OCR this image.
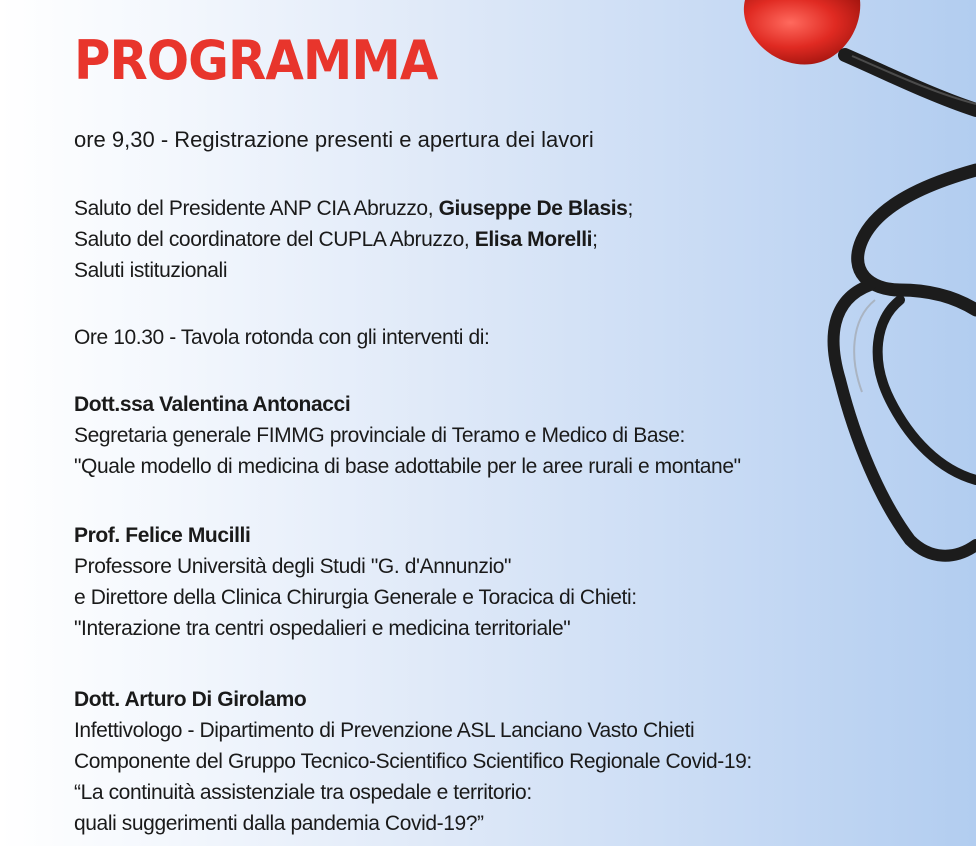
PROGRAMMA

ore 9,30 - Registrazione presenti e apertura dei lavori

Saluto del Presidente ANP CIA Abruzzo, Giuseppe De Blasis;

Saluto del coordinatore del CUPLA Abruzzo, Elisa Morelli;

Saluti istituzionali

Ore 10.30 - Tavola rotonda con gli interventi di:

Dott.ssa Valentina Antonacci

Segretaria generale FIMMG provinciale di Teramo e Medico di Base:

"Quale modello di medicina di base adottabile per le aree rurali e montane"

Prof. Felice Mucilli

Professore Università degli Studi "G. d'Annunzio"

e Direttore della Clinica Chirurgia Generale e Toracica di Chieti:

"Interazione tra centri ospedalieri e medicina territoriale"

Dott. Arturo Di Girolamo

Infettivologo - Dipartimento di Prevenzione ASL Lanciano Vasto Chieti

Componente del Gruppo Tecnico-Scientifico Scientifico Regionale Covid-19:

“La continuità assistenziale tra ospedale e territorio:

quali suggerimenti dalla pandemia Covid-19?”
